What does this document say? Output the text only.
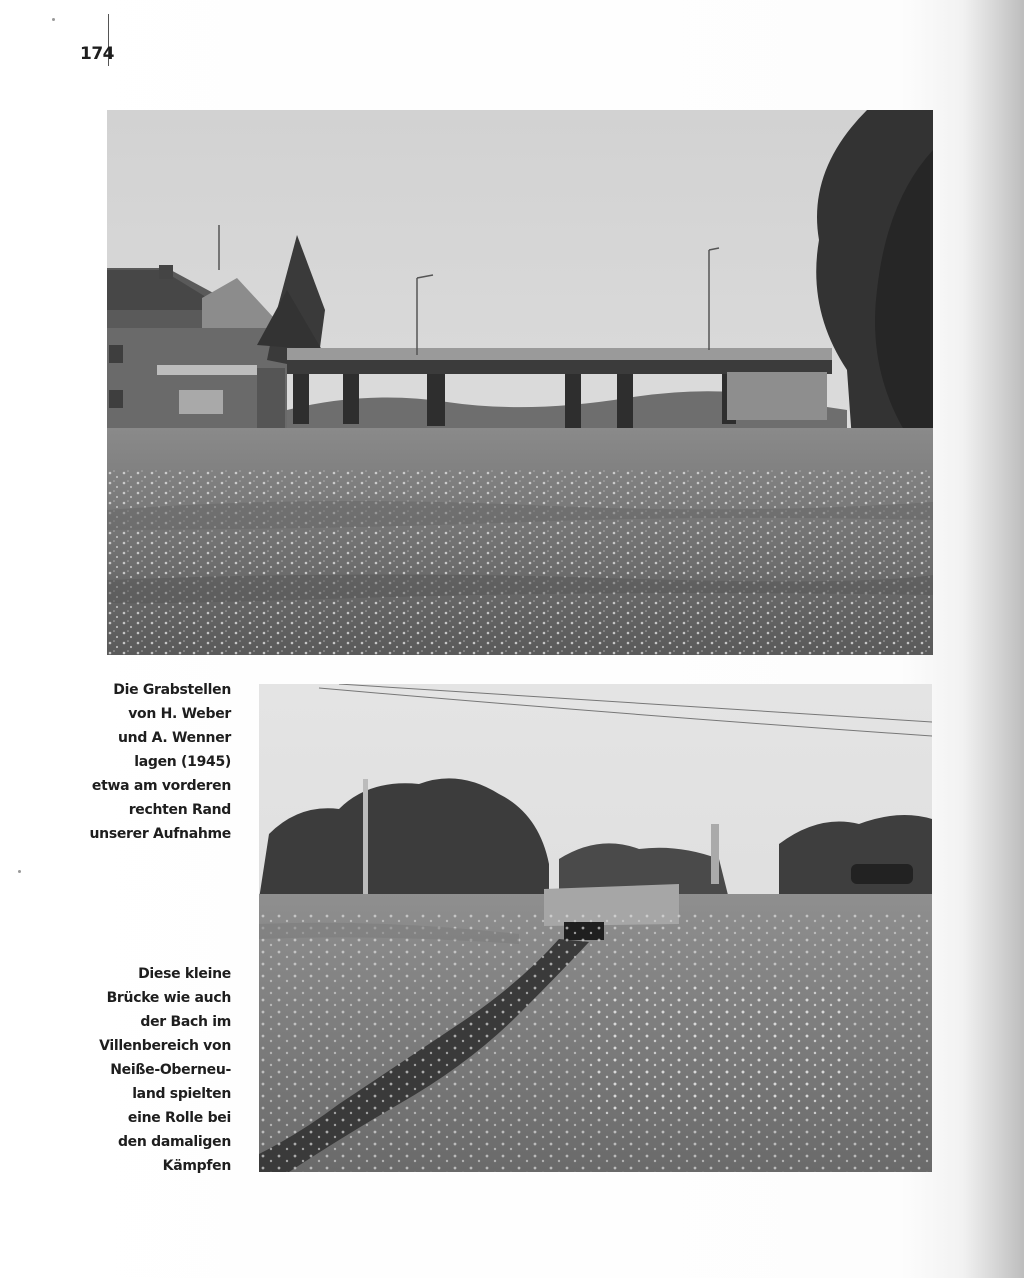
174
Die Grabstellen
von H. Weber
und A. Wenner
lagen (1945)
etwa am vorderen
rechten Rand
unserer Aufnahme
Diese kleine
Brücke wie auch
der Bach im
Villenbereich von
Neiße-Oberneu-
land spielten
eine Rolle bei
den damaligen
Kämpfen
